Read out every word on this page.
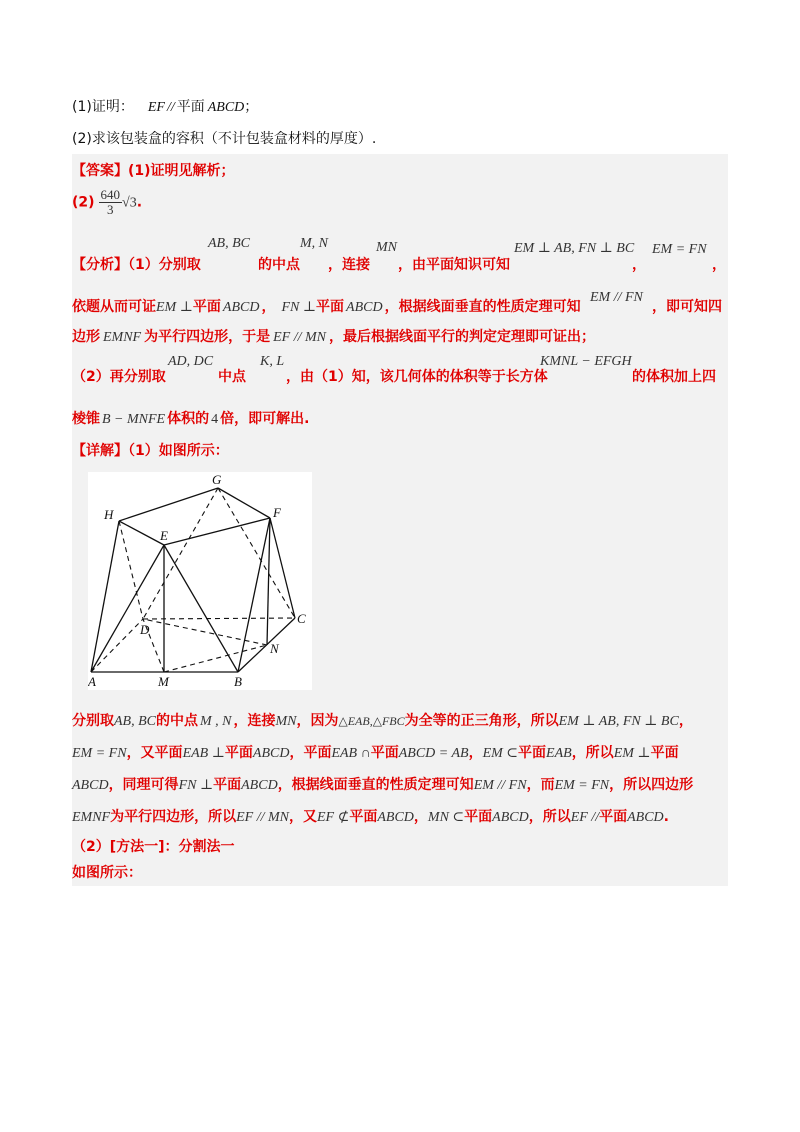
(1)证明： EF // 平面 ABCD；
(2)求该包装盒的容积（不计包装盒材料的厚度）.
【答案】(1)证明见解析；
$(2) \frac{640}{3} √3$.
【分析】（1）分别取
AB, BC
的中点
M, N
，连接
MN
，由平面知识可知
EM ⊥ AB, FN ⊥ BC
，
EM = FN
，
依题从而可证EM ⊥平面 ABCD ， FN ⊥平面 ABCD ，根据线面垂直的性质定理可知
EM // FN
，即可知四
边形 EMNF 为平行四边形，于是 EF // MN ，最后根据线面平行的判定定理即可证出；
（2）再分别取
AD, DC
中点
K, L
，由（1）知，该几何体的体积等于长方体
KMNL − EFGH
的体积加上四
棱锥 B − MNFE 体积的 4 倍，即可解出.
【详解】（1）如图所示：
G
H	F
E
D
C
N
A	M	B
分别取AB, BC的中点 M , N ，连接MN，因为△EAB,△FBC为全等的正三角形，所以EM ⊥ AB, FN ⊥ BC，
EM = FN，又平面EAB ⊥平面ABCD，平面EAB ∩平面ABCD = AB，EM ⊂平面EAB，所以EM ⊥平面
ABCD，同理可得FN ⊥平面ABCD，根据线面垂直的性质定理可知EM // FN，而EM = FN，所以四边形
EMNF为平行四边形，所以EF // MN，又EF ⊄平面ABCD，MN ⊂平面ABCD，所以EF //平面ABCD.
（2）[方法一]：分割法一
如图所示：
